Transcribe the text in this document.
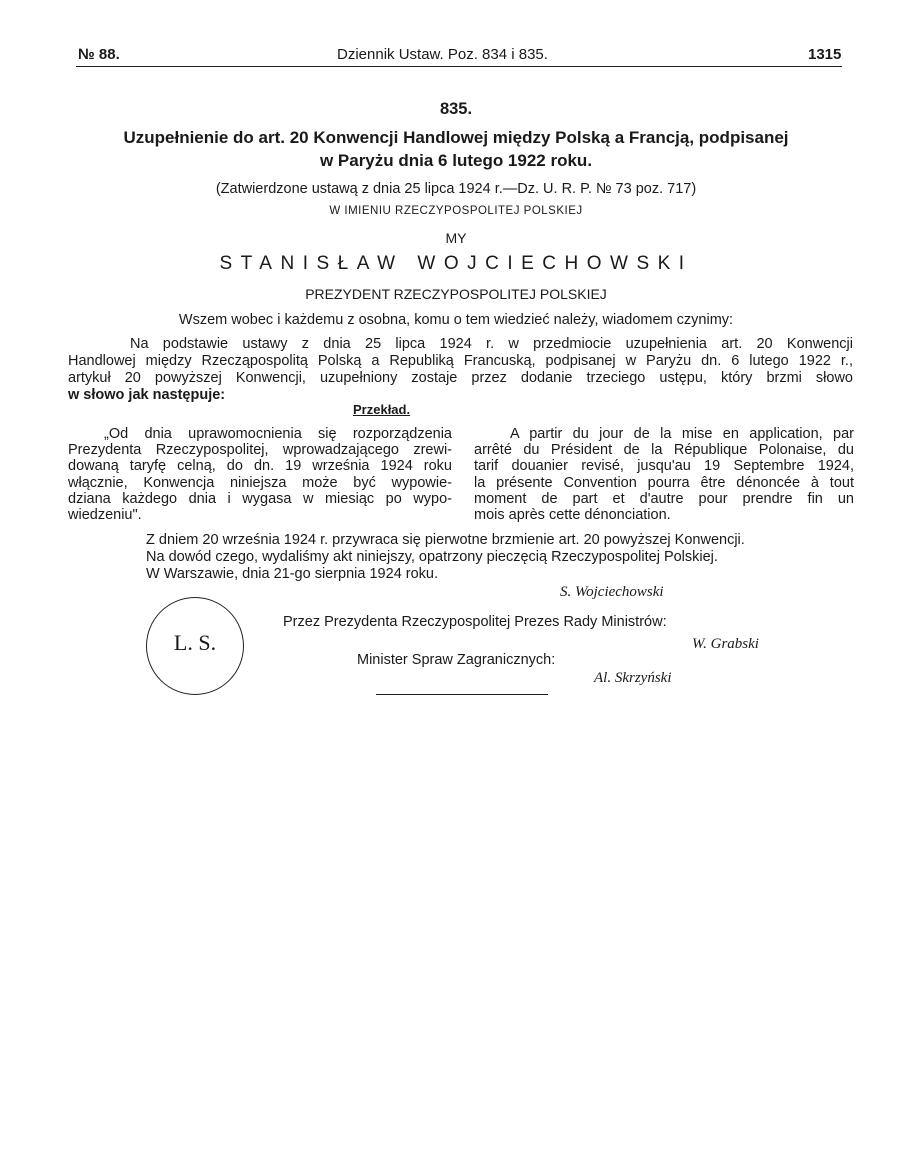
№ 88.	Dziennik Ustaw. Poz. 834 i 835.	1315
835.
Uzupełnienie do art. 20 Konwencji Handlowej między Polską a Francją, podpisanej
w Paryżu dnia 6 lutego 1922 roku.
(Zatwierdzone ustawą z dnia 25 lipca 1924 r.—Dz. U. R. P. № 73 poz. 717)
W IMIENIU RZECZYPOSPOLITEJ POLSKIEJ
MY
STANISŁAW WOJCIECHOWSKI
PREZYDENT RZECZYPOSPOLITEJ POLSKIEJ
Wszem wobec i każdemu z osobna, komu o tem wiedzieć należy, wiadomem czynimy:
Na podstawie ustawy z dnia 25 lipca 1924 r. w przedmiocie uzupełnienia art. 20 Konwencji
Handlowej między Rzecząpospolitą Polską a Republiką Francuską, podpisanej w Paryżu dn. 6 lutego 1922 r.,
artykuł 20 powyższej Konwencji, uzupełniony zostaje przez dodanie trzeciego ustępu, który brzmi słowo
w słowo jak następuje:
Przekład.
„Od dnia uprawomocnienia się rozporządzenia
Prezydenta Rzeczypospolitej, wprowadzającego zrewi-
dowaną taryfę celną, do dn. 19 września 1924 roku
włącznie, Konwencja niniejsza może być wypowie-
dziana każdego dnia i wygasa w miesiąc po wypo-
wiedzeniu".
A partir du jour de la mise en application, par
arrêté du Président de la République Polonaise, du
tarif douanier revisé, jusqu'au 19 Septembre 1924,
la présente Convention pourra être dénoncée à tout
moment de part et d'autre pour prendre fin un
mois après cette dénonciation.
Z dniem 20 września 1924 r. przywraca się pierwotne brzmienie art. 20 powyższej Konwencji.
Na dowód czego, wydaliśmy akt niniejszy, opatrzony pieczęcią Rzeczypospolitej Polskiej.
W Warszawie, dnia 21-go sierpnia 1924 roku.
S. Wojciechowski
L. S.
Przez Prezydenta Rzeczypospolitej Prezes Rady Ministrów:
W. Grabski
Minister Spraw Zagranicznych:
Al. Skrzyński
